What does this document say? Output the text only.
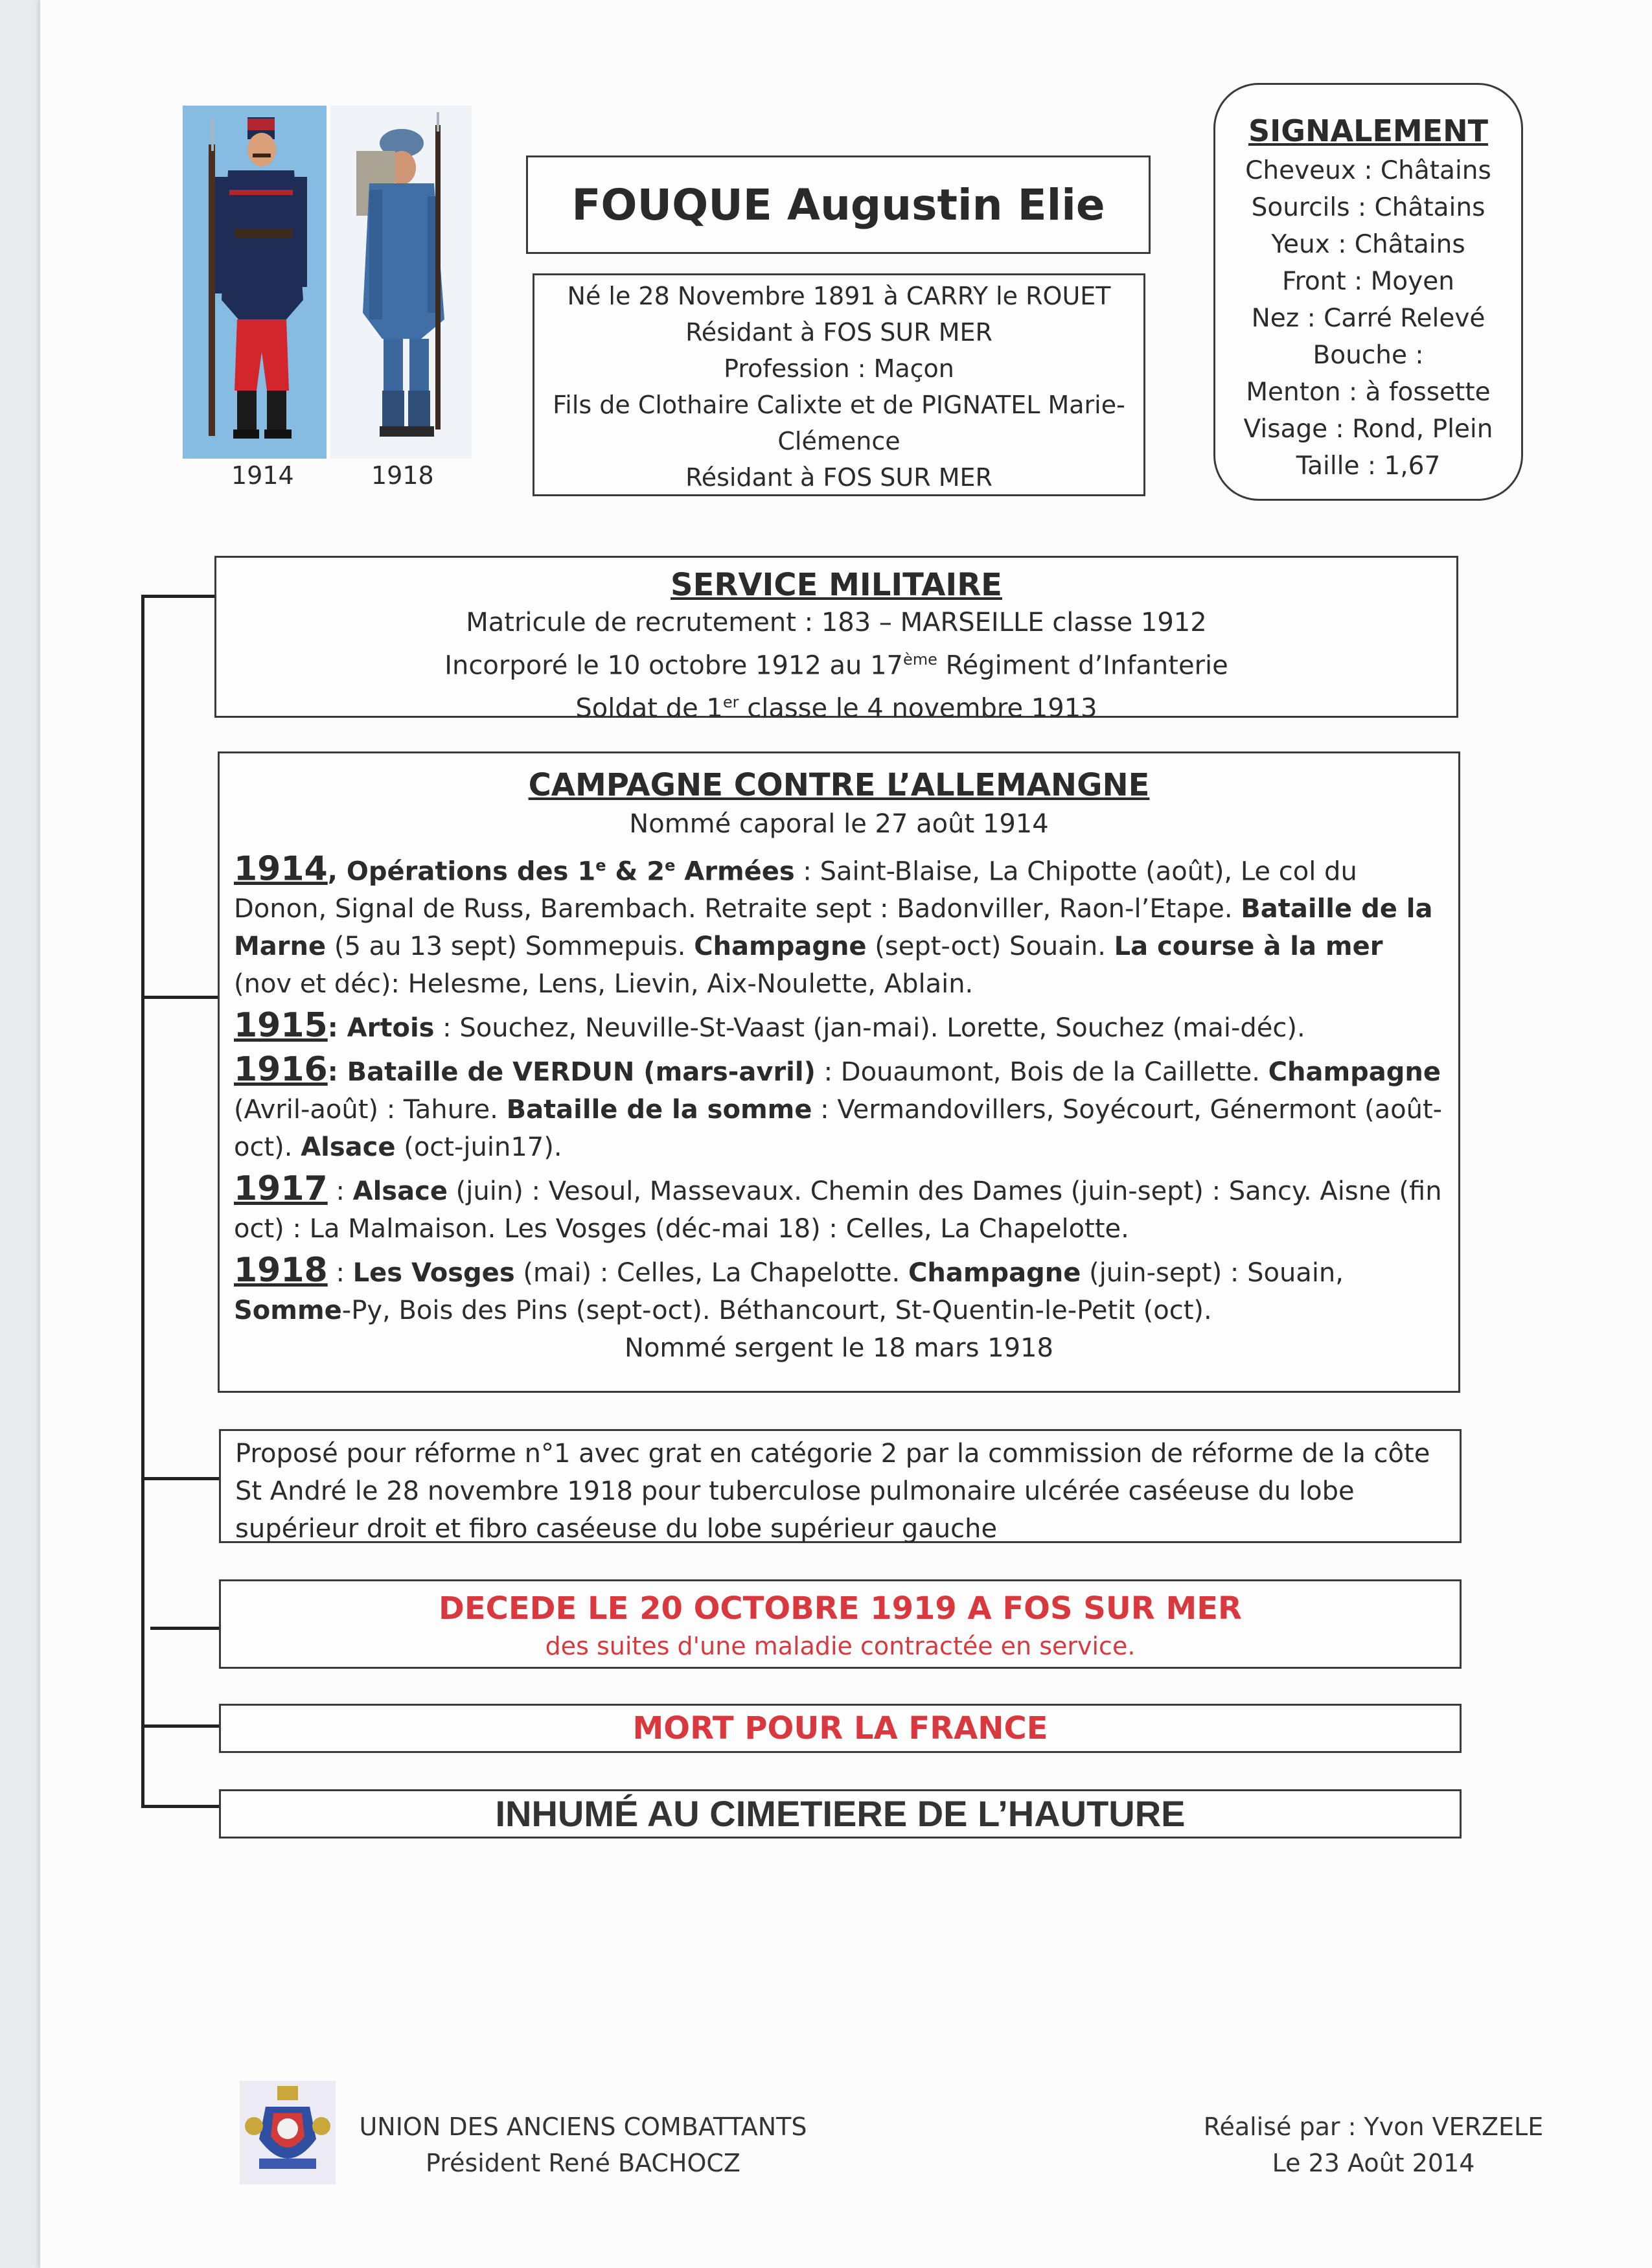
1914	1918
FOUQUE Augustin Elie
Né le 28 Novembre 1891 à CARRY le ROUET
Résidant à FOS SUR MER
Profession : Maçon
Fils de Clothaire Calixte et de PIGNATEL Marie-
Clémence
Résidant à FOS SUR MER
SIGNALEMENT
Cheveux : Châtains
Sourcils : Châtains
Yeux : Châtains
Front : Moyen
Nez : Carré Relevé
Bouche :
Menton : à fossette
Visage : Rond, Plein
Taille : 1,67
SERVICE MILITAIRE
Matricule de recrutement : 183 – MARSEILLE classe 1912
Incorporé le 10 octobre 1912 au 17ème Régiment d’Infanterie
Soldat de 1er classe le 4 novembre 1913
CAMPAGNE CONTRE L’ALLEMANGNE
Nommé caporal le 27 août 1914

1914, Opérations des 1e & 2e Armées : Saint-Blaise, La Chipotte (août), Le col du Donon, Signal de Russ, Barembach. Retraite sept : Badonviller, Raon-l’Etape. Bataille de la Marne (5 au 13 sept) Sommepuis. Champagne (sept-oct) Souain. La course à la mer (nov et déc): Helesme, Lens, Lievin, Aix-Noulette, Ablain.

1915: Artois : Souchez, Neuville-St-Vaast (jan-mai). Lorette, Souchez (mai-déc).

1916: Bataille de VERDUN (mars-avril) : Douaumont, Bois de la Caillette. Champagne (Avril-août) : Tahure. Bataille de la somme : Vermandovillers, Soyécourt, Génermont (août-oct). Alsace (oct-juin17).

1917 : Alsace (juin) : Vesoul, Massevaux. Chemin des Dames (juin-sept) : Sancy. Aisne (fin oct) : La Malmaison. Les Vosges (déc-mai 18) : Celles, La Chapelotte.

1918 : Les Vosges (mai) : Celles, La Chapelotte. Champagne (juin-sept) : Souain, Somme-Py, Bois des Pins (sept-oct). Béthancourt, St-Quentin-le-Petit (oct).

Nommé sergent le 18 mars 1918
Proposé pour réforme n°1 avec grat en catégorie 2 par la commission de réforme de la côte St André le 28 novembre 1918 pour tuberculose pulmonaire ulcérée caséeuse du lobe supérieur droit et fibro caséeuse du lobe supérieur gauche
DECEDE LE 20 OCTOBRE 1919 A FOS SUR MER
des suites d'une maladie contractée en service.
MORT POUR LA FRANCE
INHUMÉ AU CIMETIERE DE L’HAUTURE
UNION DES ANCIENS COMBATTANTS
Président René BACHOCZ
Réalisé par : Yvon VERZELE
Le 23 Août 2014
